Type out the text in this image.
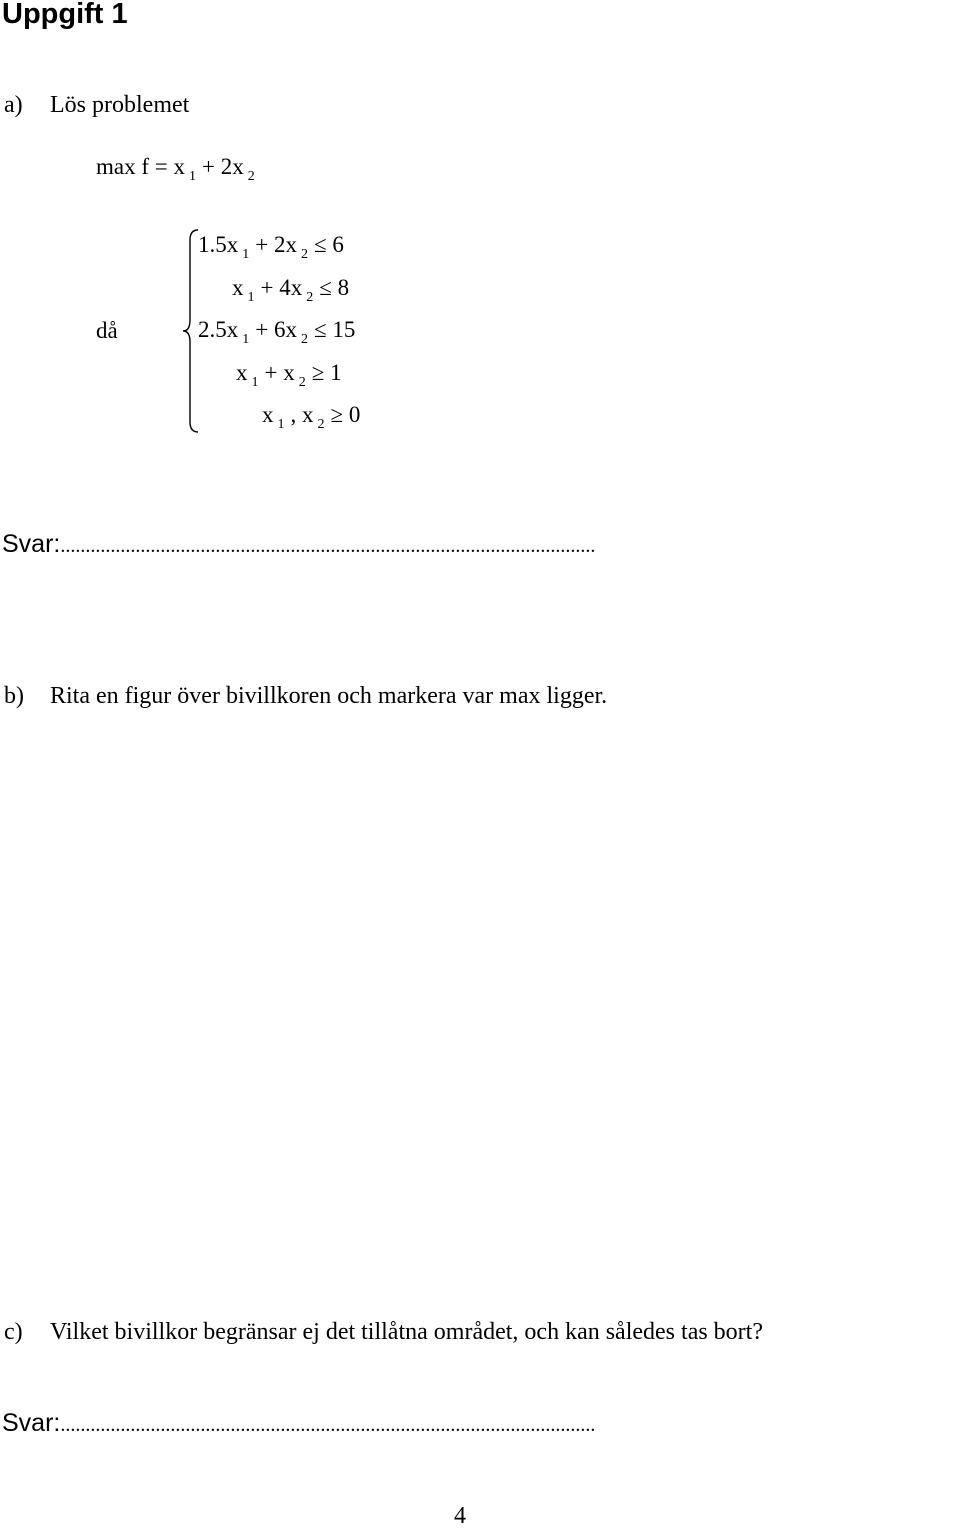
Uppgift 1
a) Lös problemet
max f = x $_1$ + 2x $_2$
då
1.5x $_1$ + 2x $_2$ ≤ 6
x $_1$ + 4x $_2$ ≤ 8
2.5x $_1$ + 6x $_2$ ≤ 15
x $_1$ + x $_2$ ≥ 1
x $_1$ , x $_2$ ≥ 0
Svar:...........................................................................................................
b) Rita en figur över bivillkoren och markera var max ligger.
c) Vilket bivillkor begränsar ej det tillåtna området, och kan således tas bort?
Svar:...........................................................................................................
4
